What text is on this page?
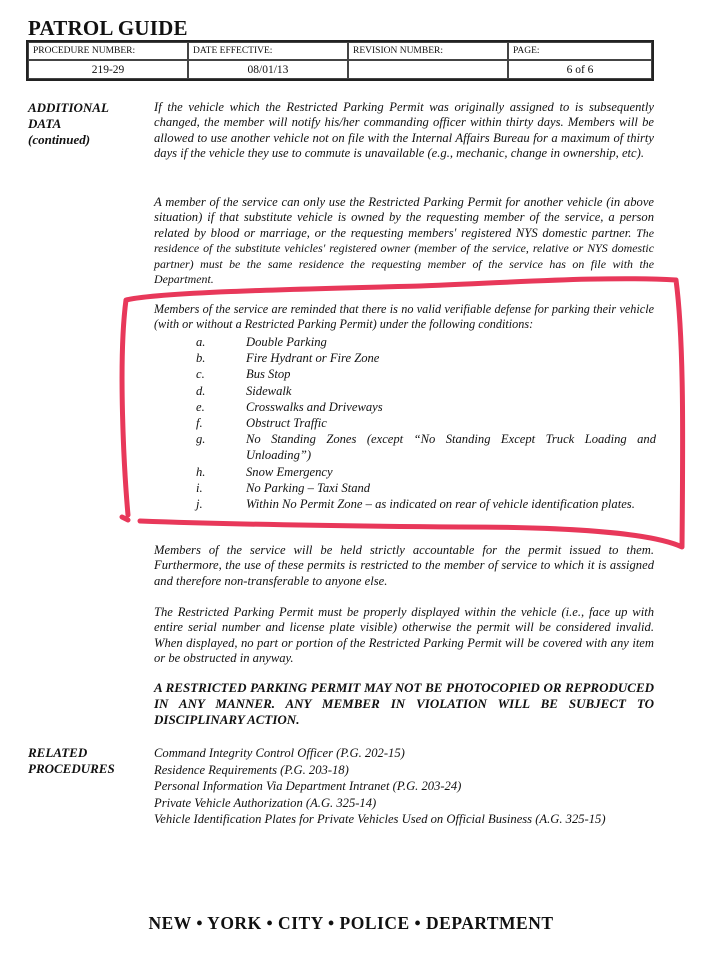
PATROL GUIDE
PROCEDURE NUMBER:	DATE EFFECTIVE:	REVISION NUMBER:	PAGE:
219-29	08/01/13		6 of 6
ADDITIONAL
DATA
(continued)

If the vehicle which the Restricted Parking Permit was originally assigned to is subsequently changed, the member will notify his/her commanding officer within thirty days. Members will be allowed to use another vehicle not on file with the Internal Affairs Bureau for a maximum of thirty days if the vehicle they use to commute is unavailable (e.g., mechanic, change in ownership, etc).

A member of the service can only use the Restricted Parking Permit for another vehicle (in above situation) if that substitute vehicle is owned by the requesting member of the service, a person related by blood or marriage, or the requesting members' registered NYS domestic partner. The residence of the substitute vehicles' registered owner (member of the service, relative or NYS domestic partner) must be the same residence the requesting member of the service has on file with the Department.

Members of the service are reminded that there is no valid verifiable defense for parking their vehicle (with or without a Restricted Parking Permit) under the following conditions:

a.	Double Parking
b.	Fire Hydrant or Fire Zone
c.	Bus Stop
d.	Sidewalk
e.	Crosswalks and Driveways
f.	Obstruct Traffic
g.	No Standing Zones (except “No Standing Except Truck Loading and Unloading”)
h.	Snow Emergency
i.	No Parking – Taxi Stand
j.	Within No Permit Zone – as indicated on rear of vehicle identification plates.

Members of the service will be held strictly accountable for the permit issued to them. Furthermore, the use of these permits is restricted to the member of service to which it is assigned and therefore non-transferable to anyone else.

The Restricted Parking Permit must be properly displayed within the vehicle (i.e., face up with entire serial number and license plate visible) otherwise the permit will be considered invalid. When displayed, no part or portion of the Restricted Parking Permit will be covered with any item or be obstructed in anyway.

A RESTRICTED PARKING PERMIT MAY NOT BE PHOTOCOPIED OR REPRODUCED IN ANY MANNER. ANY MEMBER IN VIOLATION WILL BE SUBJECT TO DISCIPLINARY ACTION.

RELATED
PROCEDURES
Command Integrity Control Officer (P.G. 202-15)
Residence Requirements (P.G. 203-18)
Personal Information Via Department Intranet (P.G. 203-24)
Private Vehicle Authorization (A.G. 325-14)
Vehicle Identification Plates for Private Vehicles Used on Official Business (A.G. 325-15)
NEW • YORK • CITY • POLICE • DEPARTMENT
